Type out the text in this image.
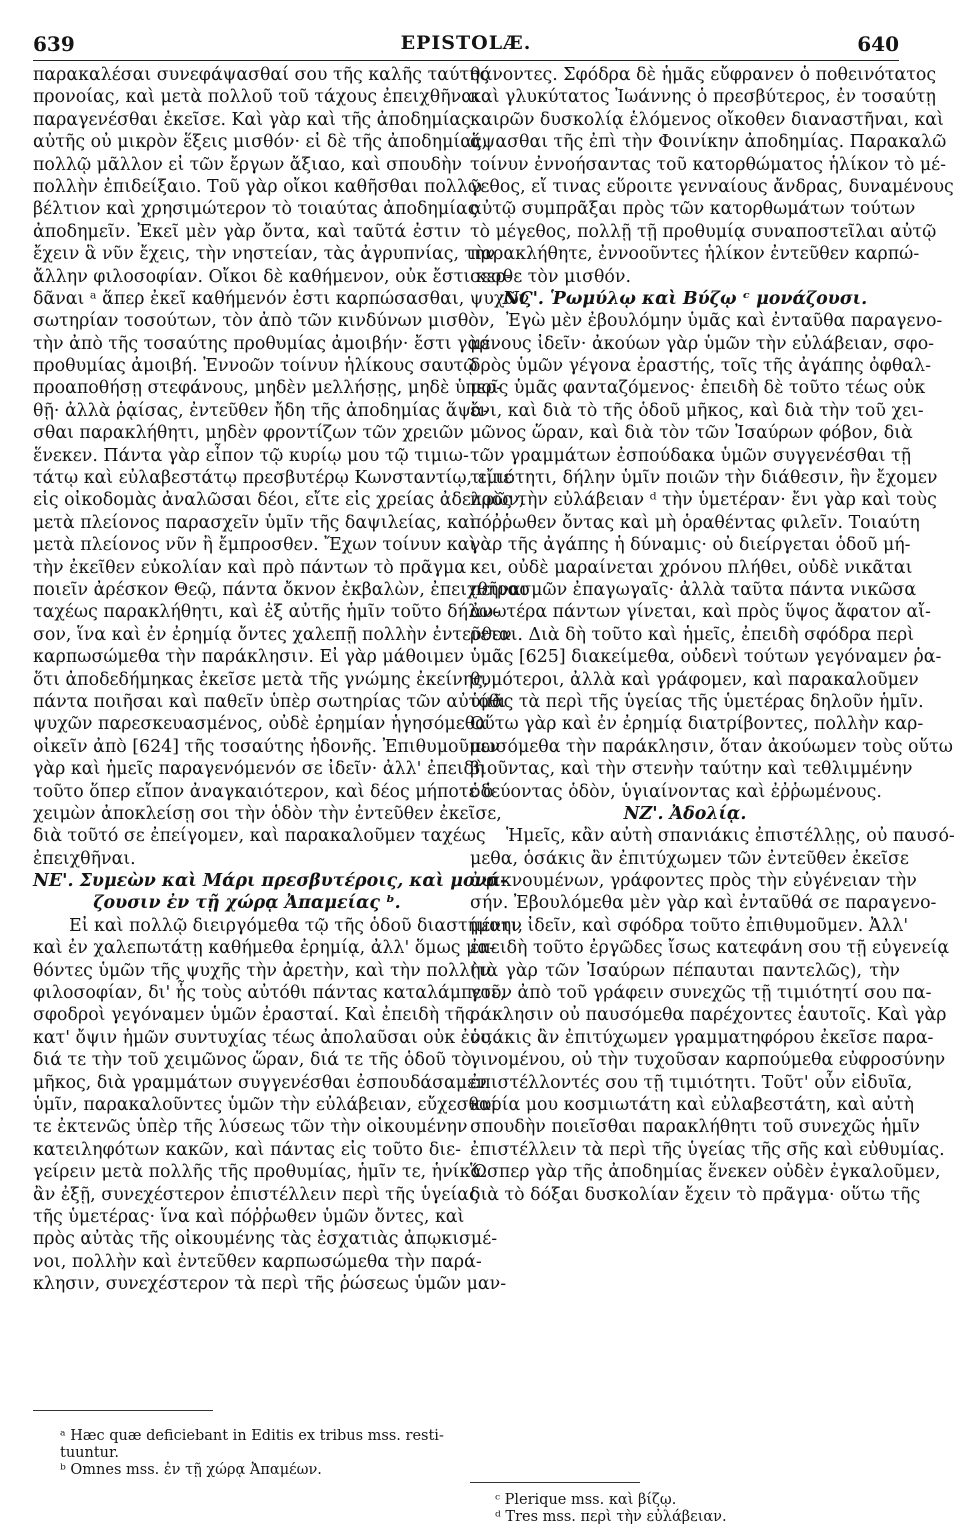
639	EPISTOLÆ.	640
παρακαλέσαι συνεφάψασθαί σου τῆς καλῆς ταύτης
προνοίας, καὶ μετὰ πολλοῦ τοῦ τάχους ἐπειχθῆναι
παραγενέσθαι ἐκεῖσε. Καὶ γὰρ καὶ τῆς ἀποδημίας
αὐτῆς οὐ μικρὸν ἕξεις μισθόν· εἰ δὲ τῆς ἀποδημίας,
πολλῷ μᾶλλον εἰ τῶν ἔργων ἄξιαο, καὶ σπουδὴν
πολλὴν ἐπιδείξαιο. Τοῦ γὰρ οἴκοι καθῆσθαι πολλῷ
βέλτιον καὶ χρησιμώτερον τὸ τοιαύτας ἀποδημίας
ἀποδημεῖν. Ἐκεῖ μὲν γὰρ ὄντα, καὶ ταῦτά ἐστιν
ἔχειν ἃ νῦν ἔχεις, τὴν νηστείαν, τὰς ἀγρυπνίας, τὴν
ἄλλην φιλοσοφίαν. Οἴκοι δὲ καθήμενον, οὐκ ἔστι κερ-
δᾶναι ᵃ ἅπερ ἐκεῖ καθήμενόν ἐστι καρπώσασθαι, ψυχῶν
σωτηρίαν τοσούτων, τὸν ἀπὸ τῶν κινδύνων μισθὸν,
τὴν ἀπὸ τῆς τοσαύτης προθυμίας ἀμοιβήν· ἔστι γὰρ
προθυμίας ἀμοιβή. Ἐννοῶν τοίνυν ἡλίκους σαυτῷ
προαποθήσῃ στεφάνους, μηδὲν μελλήσῃς, μηδὲ ὑπερ-
θῇ· ἀλλὰ ῥᾳίσας, ἐντεῦθεν ἤδη τῆς ἀποδημίας ἅψα-
σθαι παρακλήθητι, μηδὲν φροντίζων τῶν χρειῶν
ἕνεκεν. Πάντα γὰρ εἶπον τῷ κυρίῳ μου τῷ τιμιω-
τάτῳ καὶ εὐλαβεστάτῳ πρεσβυτέρῳ Κωνσταντίῳ, εἴτε
εἰς οἰκοδομὰς ἀναλῶσαι δέοι, εἴτε εἰς χρείας ἀδελφῶν,
μετὰ πλείονος παρασχεῖν ὑμῖν τῆς δαψιλείας, καὶ
μετὰ πλείονος νῦν ἢ ἔμπροσθεν. Ἔχων τοίνυν καὶ
τὴν ἐκεῖθεν εὐκολίαν καὶ πρὸ πάντων τὸ πρᾶγμα
ποιεῖν ἀρέσκον Θεῷ, πάντα ὄκνον ἐκβαλὼν, ἐπειχθῆναι
ταχέως παρακλήθητι, καὶ ἐξ αὐτῆς ἡμῖν τοῦτο δήλω-
σον, ἵνα καὶ ἐν ἐρημίᾳ ὄντες χαλεπῇ πολλὴν ἐντεῦθεν
καρπωσώμεθα τὴν παράκλησιν. Εἰ γὰρ μάθοιμεν
ὅτι ἀποδεδήμηκας ἐκεῖσε μετὰ τῆς γνώμης ἐκείνης,
πάντα ποιῆσαι καὶ παθεῖν ὑπὲρ σωτηρίας τῶν αὐτόθι
ψυχῶν παρεσκευασμένος, οὐδὲ ἐρημίαν ἡγησόμεθα
οἰκεῖν ἀπὸ [624] τῆς τοσαύτης ἡδονῆς. Ἐπιθυμοῦμεν
γὰρ καὶ ἡμεῖς παραγενόμενόν σε ἰδεῖν· ἀλλ' ἐπειδὴ
τοῦτο ὅπερ εἴπον ἀναγκαιότερον, καὶ δέος μήποτε ὁ
χειμὼν ἀποκλείσῃ σοι τὴν ὁδὸν τὴν ἐντεῦθεν ἐκεῖσε,
διὰ τοῦτό σε ἐπείγομεν, καὶ παρακαλοῦμεν ταχέως
ἐπειχθῆναι.
ΝΕ'. Συμεὼν καὶ Μάρι πρεσβυτέροις, καὶ μονά-
ζουσιν ἐν τῇ χώρᾳ Ἀπαμείας ᵇ.
Εἰ καὶ πολλῷ διειργόμεθα τῷ τῆς ὁδοῦ διαστήματι,
καὶ ἐν χαλεπωτάτῃ καθήμεθα ἐρημίᾳ, ἀλλ' ὅμως μα-
θόντες ὑμῶν τῆς ψυχῆς τὴν ἀρετὴν, καὶ τὴν πολλὴν
φιλοσοφίαν, δι' ἧς τοὺς αὐτόθι πάντας καταλάμπετε,
σφοδροὶ γεγόναμεν ὑμῶν ἐρασταί. Καὶ ἐπειδὴ τῆς
κατ' ὄψιν ἡμῶν συντυχίας τέως ἀπολαῦσαι οὐκ ἐνι,
διά τε τὴν τοῦ χειμῶνος ὥραν, διά τε τῆς ὁδοῦ τὸ
μῆκος, διὰ γραμμάτων συγγενέσθαι ἐσπουδάσαμεν
ὑμῖν, παρακαλοῦντες ὑμῶν τὴν εὐλάβειαν, εὔχεσθαί
τε ἐκτενῶς ὑπὲρ τῆς λύσεως τῶν τὴν οἰκουμένην
κατειληφότων κακῶν, καὶ πάντας εἰς τοῦτο διε-
γείρειν μετὰ πολλῆς τῆς προθυμίας, ἡμῖν τε, ἡνίκα
ἂν ἐξῇ, συνεχέστερον ἐπιστέλλειν περὶ τῆς ὑγείας
τῆς ὑμετέρας· ἵνα καὶ πόῤῥωθεν ὑμῶν ὄντες, καὶ
πρὸς αὐτὰς τῆς οἰκουμένης τὰς ἐσχατιὰς ἀπῳκισμέ-
νοι, πολλὴν καὶ ἐντεῦθεν καρπωσώμεθα τὴν παρά-
κλησιν, συνεχέστερον τὰ περὶ τῆς ῥώσεως ὑμῶν μαν-
θάνοντες. Σφόδρα δὲ ἡμᾶς εὔφρανεν ὁ ποθεινότατος
καὶ γλυκύτατος Ἰωάννης ὁ πρεσβύτερος, ἐν τοσαύτῃ
καιρῶν δυσκολίᾳ ἑλόμενος οἴκοθεν διαναστῆναι, καὶ
ἅψασθαι τῆς ἐπὶ τὴν Φοινίκην ἀποδημίας. Παρακαλῶ
τοίνυν ἐννοήσαντας τοῦ κατορθώματος ἡλίκον τὸ μέ-
γεθος, εἴ τινας εὕροιτε γενναίους ἄνδρας, δυναμένους
αὐτῷ συμπρᾶξαι πρὸς τῶν κατορθωμάτων τούτων
τὸ μέγεθος, πολλῇ τῇ προθυμίᾳ συναποστεῖλαι αὐτῷ
παρακλήθητε, ἐννοοῦντες ἡλίκον ἐντεῦθεν καρπώ-
σεσθε τὸν μισθόν.
ΝϚ'. Ῥωμύλῳ καὶ Βύζῳ ᶜ μονάζουσι.
Ἐγὼ μὲν ἐβουλόμην ὑμᾶς καὶ ἐνταῦθα παραγενο-
μένους ἰδεῖν· ἀκούων γὰρ ὑμῶν τὴν εὐλάβειαν, σφο-
δρὸς ὑμῶν γέγονα ἐραστής, τοῖς τῆς ἀγάπης ὀφθαλ-
μοῖς ὑμᾶς φανταζόμενος· ἐπειδὴ δὲ τοῦτο τέως οὐκ
ἔνι, καὶ διὰ τὸ τῆς ὁδοῦ μῆκος, καὶ διὰ τὴν τοῦ χει-
μῶνος ὥραν, καὶ διὰ τὸν τῶν Ἰσαύρων φόβον, διὰ
τῶν γραμμάτων ἐσπούδακα ὑμῶν συγγενέσθαι τῇ
τιμιότητι, δήλην ὑμῖν ποιῶν τὴν διάθεσιν, ἣν ἔχομεν
πρὸς τὴν εὐλάβειαν ᵈ τὴν ὑμετέραν· ἔνι γὰρ καὶ τοὺς
πόῤῥωθεν ὄντας καὶ μὴ ὁραθέντας φιλεῖν. Τοιαύτη
γὰρ τῆς ἀγάπης ἡ δύναμις· οὐ διείργεται ὁδοῦ μή-
κει, οὐδὲ μαραίνεται χρόνου πλήθει, οὐδὲ νικᾶται
πειρασμῶν ἐπαγωγαῖς· ἀλλὰ ταῦτα πάντα νικῶσα
ἀνωτέρα πάντων γίνεται, καὶ πρὸς ὕψος ἄφατον αἴ-
ρεται. Διὰ δὴ τοῦτο καὶ ἡμεῖς, ἐπειδὴ σφόδρα περὶ
ὑμᾶς [625] διακείμεθα, οὐδενὶ τούτων γεγόναμεν ῥα-
θυμότεροι, ἀλλὰ καὶ γράφομεν, καὶ παρακαλοῦμεν
ὑμᾶς τὰ περὶ τῆς ὑγείας τῆς ὑμετέρας δηλοῦν ἡμῖν.
Οὕτω γὰρ καὶ ἐν ἐρημίᾳ διατρίβοντες, πολλὴν καρ-
πωσόμεθα τὴν παράκλησιν, ὅταν ἀκούωμεν τοὺς οὕτω
βιοῦντας, καὶ τὴν στενὴν ταύτην καὶ τεθλιμμένην
ὁδεύοντας ὁδὸν, ὑγιαίνοντας καὶ ἐῤῥωμένους.
ΝΖ'. Ἀδολίᾳ.
Ἡμεῖς, κἂν αὐτὴ σπανιάκις ἐπιστέλλῃς, οὐ παυσό-
μεθα, ὁσάκις ἂν ἐπιτύχωμεν τῶν ἐντεῦθεν ἐκεῖσε
ἀφικνουμένων, γράφοντες πρὸς τὴν εὐγένειαν τὴν
σήν. Ἐβουλόμεθα μὲν γὰρ καὶ ἐνταῦθά σε παραγενο-
μένην ἰδεῖν, καὶ σφόδρα τοῦτο ἐπιθυμοῦμεν. Ἀλλ'
ἐπειδὴ τοῦτο ἐργῶδες ἴσως κατεφάνη σου τῇ εὐγενείᾳ
(τὰ γὰρ τῶν Ἰσαύρων πέπαυται παντελῶς), τὴν
γοῦν ἀπὸ τοῦ γράφειν συνεχῶς τῇ τιμιότητί σου πα-
ράκλησιν οὐ παυσόμεθα παρέχοντες ἑαυτοῖς. Καὶ γὰρ
ὁσάκις ἂν ἐπιτύχωμεν γραμματηφόρου ἐκεῖσε παρα-
γινομένου, οὐ τὴν τυχοῦσαν καρπούμεθα εὐφροσύνην
ἐπιστέλλοντές σου τῇ τιμιότητι. Τοῦτ' οὖν εἰδυῖα,
κυρία μου κοσμιωτάτη καὶ εὐλαβεστάτη, καὶ αὐτὴ
σπουδὴν ποιεῖσθαι παρακλήθητι τοῦ συνεχῶς ἡμῖν
ἐπιστέλλειν τὰ περὶ τῆς ὑγείας τῆς σῆς καὶ εὐθυμίας.
Ὥσπερ γὰρ τῆς ἀποδημίας ἕνεκεν οὐδὲν ἐγκαλοῦμεν,
διὰ τὸ δόξαι δυσκολίαν ἔχειν τὸ πρᾶγμα· οὕτω τῆς
ᵃ Hæc quæ deficiebant in Editis ex tribus mss. resti-
tuuntur.
ᵇ Omnes mss. ἐν τῇ χώρᾳ Ἀπαμέων.
ᶜ Plerique mss. καὶ βίζῳ.
ᵈ Tres mss. περὶ τὴν εὐλάβειαν.
